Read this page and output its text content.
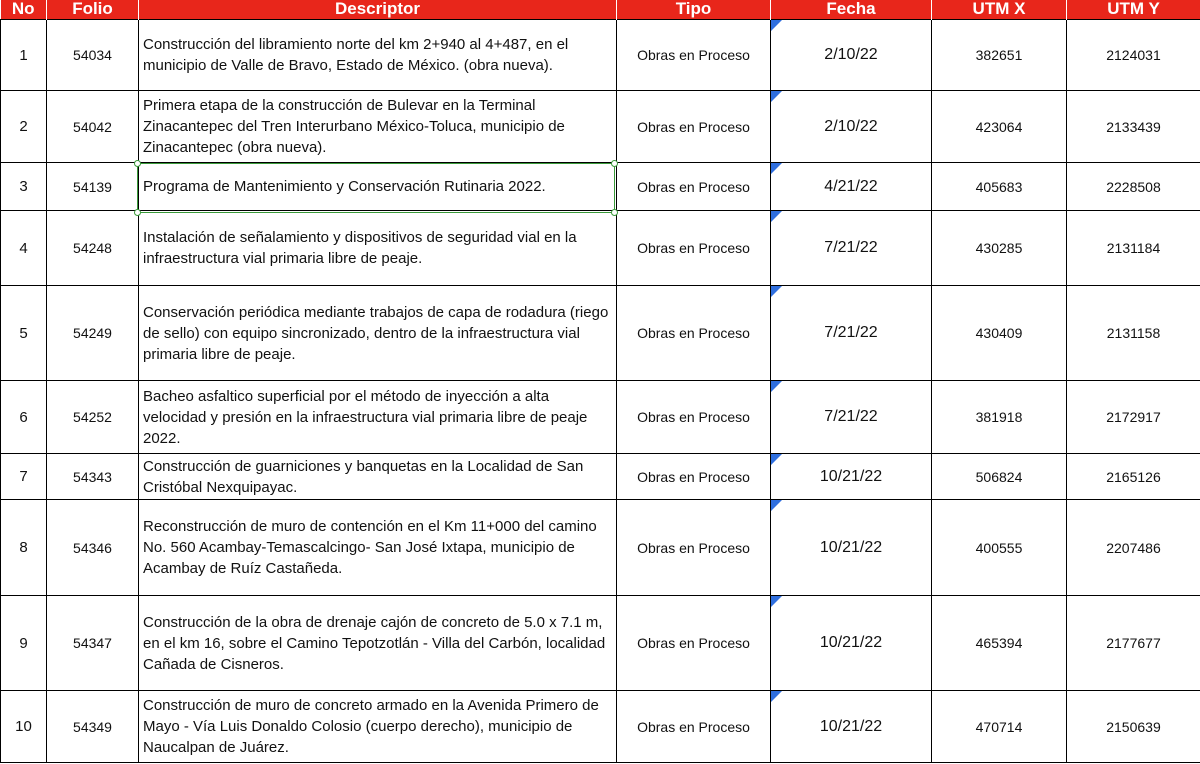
No	Folio	Descriptor	Tipo	Fecha	UTM X	UTM Y
1	54034	Construcción del libramiento norte del km 2+940 al 4+487, en el municipio de Valle de Bravo, Estado de México. (obra nueva).	Obras en Proceso	2/10/22	382651	2124031
2	54042	Primera etapa de la construcción de Bulevar en la Terminal Zinacantepec del Tren Interurbano México-Toluca, municipio de Zinacantepec (obra nueva).	Obras en Proceso	2/10/22	423064	2133439
3	54139	Programa de Mantenimiento y Conservación Rutinaria 2022.	Obras en Proceso	4/21/22	405683	2228508
4	54248	Instalación de señalamiento y dispositivos de seguridad vial en la infraestructura vial primaria libre de peaje.	Obras en Proceso	7/21/22	430285	2131184
5	54249	Conservación periódica mediante trabajos de capa de rodadura (riego de sello) con equipo sincronizado, dentro de la infraestructura vial primaria libre de peaje.	Obras en Proceso	7/21/22	430409	2131158
6	54252	Bacheo asfaltico superficial por el método de inyección a alta velocidad y presión en la infraestructura vial primaria libre de peaje 2022.	Obras en Proceso	7/21/22	381918	2172917
7	54343	Construcción de guarniciones y banquetas en la Localidad de San Cristóbal Nexquipayac.	Obras en Proceso	10/21/22	506824	2165126
8	54346	Reconstrucción de muro de contención en el Km 11+000 del camino No. 560 Acambay-Temascalcingo- San José Ixtapa, municipio de Acambay de Ruíz Castañeda.	Obras en Proceso	10/21/22	400555	2207486
9	54347	Construcción de la obra de drenaje cajón de concreto de 5.0 x 7.1 m, en el km 16, sobre el Camino Tepotzotlán - Villa del Carbón, localidad Cañada de Cisneros.	Obras en Proceso	10/21/22	465394	2177677
10	54349	Construcción de muro de concreto armado en la Avenida Primero de Mayo - Vía Luis Donaldo Colosio (cuerpo derecho), municipio de Naucalpan de Juárez.	Obras en Proceso	10/21/22	470714	2150639
